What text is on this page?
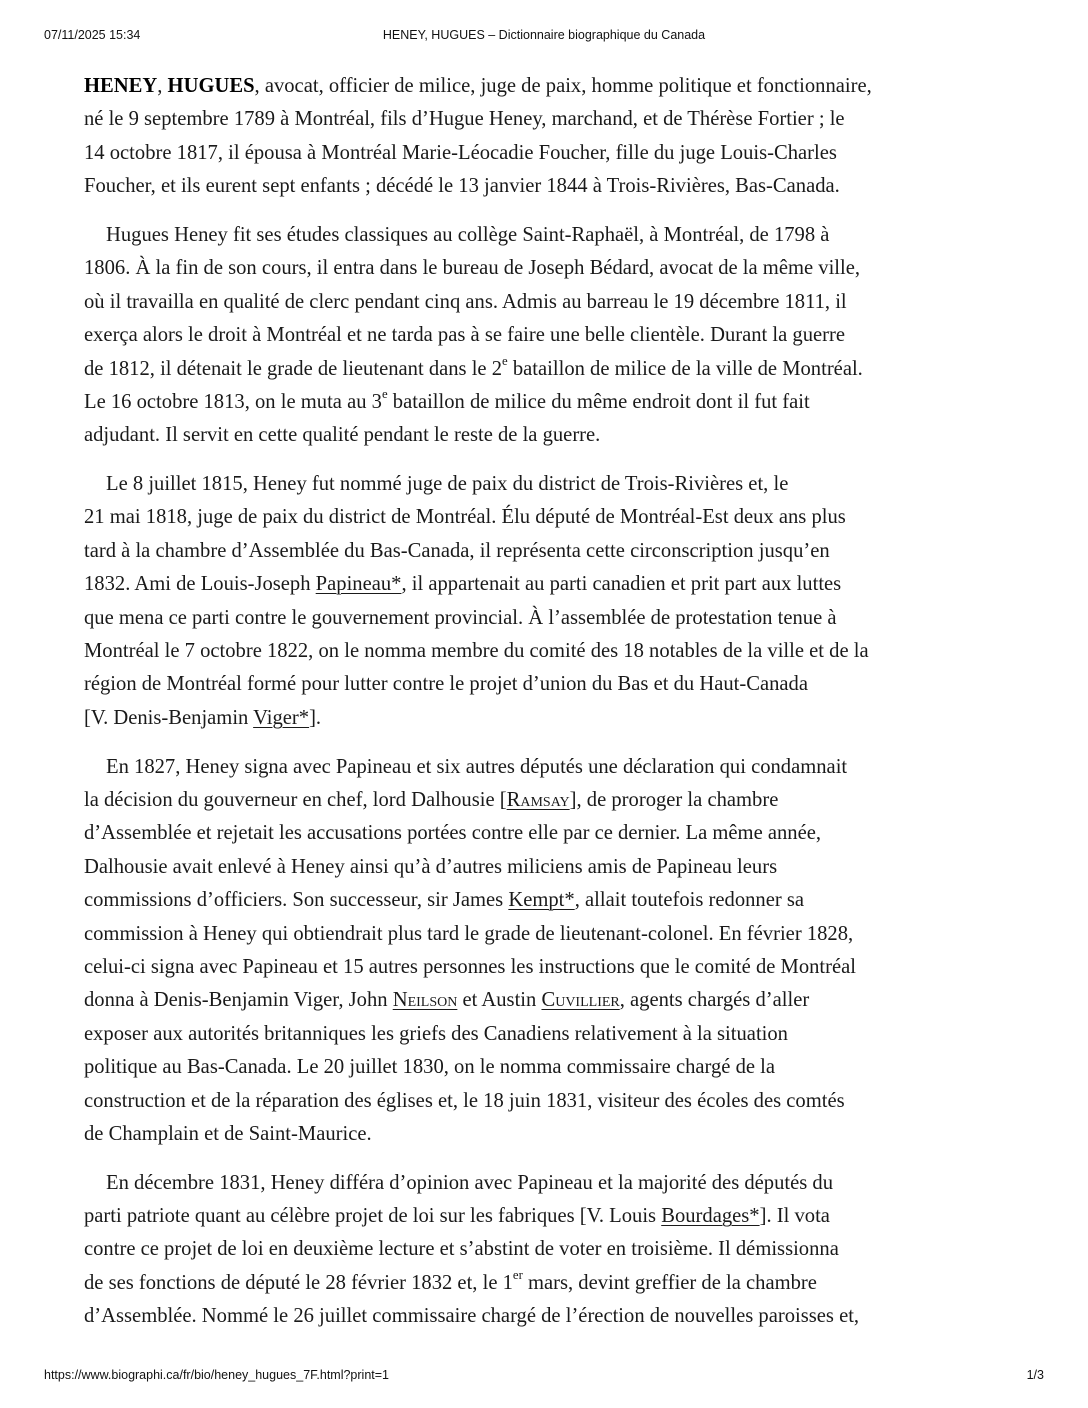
07/11/2025 15:34	HENEY, HUGUES – Dictionnaire biographique du Canada
HENEY, HUGUES, avocat, officier de milice, juge de paix, homme politique et fonctionnaire,
né le 9 septembre 1789 à Montréal, fils d’Hugue Heney, marchand, et de Thérèse Fortier ; le
14 octobre 1817, il épousa à Montréal Marie-Léocadie Foucher, fille du juge Louis-Charles
Foucher, et ils eurent sept enfants ; décédé le 13 janvier 1844 à Trois-Rivières, Bas-Canada.
Hugues Heney fit ses études classiques au collège Saint-Raphaël, à Montréal, de 1798 à
1806. À la fin de son cours, il entra dans le bureau de Joseph Bédard, avocat de la même ville,
où il travailla en qualité de clerc pendant cinq ans. Admis au barreau le 19 décembre 1811, il
exerça alors le droit à Montréal et ne tarda pas à se faire une belle clientèle. Durant la guerre
de 1812, il détenait le grade de lieutenant dans le 2e bataillon de milice de la ville de Montréal.
Le 16 octobre 1813, on le muta au 3e bataillon de milice du même endroit dont il fut fait
adjudant. Il servit en cette qualité pendant le reste de la guerre.
Le 8 juillet 1815, Heney fut nommé juge de paix du district de Trois-Rivières et, le
21 mai 1818, juge de paix du district de Montréal. Élu député de Montréal-Est deux ans plus
tard à la chambre d’Assemblée du Bas-Canada, il représenta cette circonscription jusqu’en
1832. Ami de Louis-Joseph Papineau*, il appartenait au parti canadien et prit part aux luttes
que mena ce parti contre le gouvernement provincial. À l’assemblée de protestation tenue à
Montréal le 7 octobre 1822, on le nomma membre du comité des 18 notables de la ville et de la
région de Montréal formé pour lutter contre le projet d’union du Bas et du Haut-Canada
[V. Denis-Benjamin Viger*].
En 1827, Heney signa avec Papineau et six autres députés une déclaration qui condamnait
la décision du gouverneur en chef, lord Dalhousie [Ramsay], de proroger la chambre
d’Assemblée et rejetait les accusations portées contre elle par ce dernier. La même année,
Dalhousie avait enlevé à Heney ainsi qu’à d’autres miliciens amis de Papineau leurs
commissions d’officiers. Son successeur, sir James Kempt*, allait toutefois redonner sa
commission à Heney qui obtiendrait plus tard le grade de lieutenant-colonel. En février 1828,
celui-ci signa avec Papineau et 15 autres personnes les instructions que le comité de Montréal
donna à Denis-Benjamin Viger, John Neilson et Austin Cuvillier, agents chargés d’aller
exposer aux autorités britanniques les griefs des Canadiens relativement à la situation
politique au Bas-Canada. Le 20 juillet 1830, on le nomma commissaire chargé de la
construction et de la réparation des églises et, le 18 juin 1831, visiteur des écoles des comtés
de Champlain et de Saint-Maurice.
En décembre 1831, Heney différa d’opinion avec Papineau et la majorité des députés du
parti patriote quant au célèbre projet de loi sur les fabriques [V. Louis Bourdages*]. Il vota
contre ce projet de loi en deuxième lecture et s’abstint de voter en troisième. Il démissionna
de ses fonctions de député le 28 février 1832 et, le 1er mars, devint greffier de la chambre
d’Assemblée. Nommé le 26 juillet commissaire chargé de l’érection de nouvelles paroisses et,
https://www.biographi.ca/fr/bio/heney_hugues_7F.html?print=1	1/3
